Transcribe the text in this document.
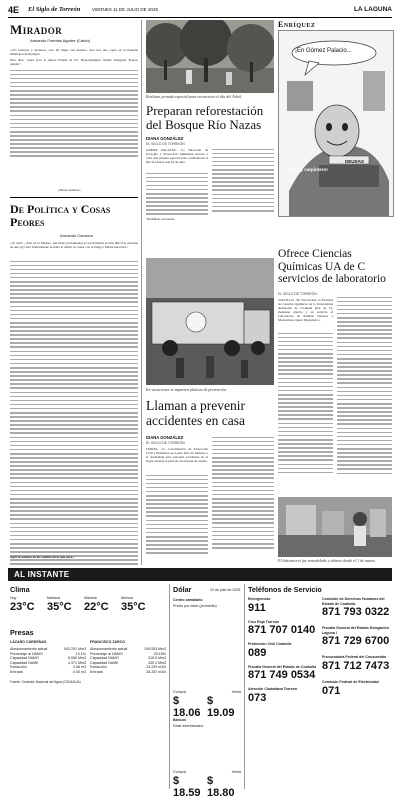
4E El Siglo de Torreón	VIERNES 11 DE JULIO DE 2025	LA LAGUNA
Mirador
Armando Fuentes Aguirre (Catón)
«¡Yo bermosa y hermosa, caro mi mujer sus fortus!». Así reza una copla en el Panteón Municipal de Ejemplo.
Otro dice: "Aquí yace la señora Fulana de Tal. Hoja»Ejemplar. Madre abnegada. Esposa regular".
¡Hasta mañana!...
De Política y Cosas Peores
Armando Camorra
«¡Y cielo: ¿cielo en la Madre». Así titulo (reciamente) se particulariza el más difícil la cuestión de una ¡ay! lofó franciamente se halló el diablo al cruzar con la fatiga a Madre Gironcid...
Aquí la semana en los camino de lo que pasa...
Realizan jornada especial para reconstruir el día del Árbol.
Enríquez
¡En Gómez Palacio...
¡Ah muy carpintero!
DEUDAS
Preparan reforestación del Bosque Río Nazas
DIANA GONZÁLEZ
EL SIGLO DE TORREÓN
GÓMEZ PALACIO.- La Dirección de Ecología y Protección Ambiental llevará a cabo una jornada especial para conmemorar el Día del Árbol este 16 de julio.
"Reutilizar un rereste-
Ofrece Ciencias Químicas UA de C servicios de laboratorio
EL SIGLO DE TORREÓN
SALTILLO.- En Vacaciones, la Facultad de Ciencias Químicas de la Universidad Autónoma de Coahuila (UA de C), mantiene abierto y en servicio el Laboratorio de Análisis Clínicos y Moleculares Quest Diagnóstico.
El laboratorio fue remodelado y abierto desde el 1 de marzo.
En vacaciones se imparten platicas de prevención.
Llaman a prevenir accidentes en casa
DIANA GONZÁLEZ
EL SIGLO DE TORREÓN
LERDO.- La Coordinación de Protección Civil y Bomberos en Lerdo hizo un llamado a la ciudadanía para prevenir accidentes en el hogar durante el periodo vacacional de verano.
AL INSTANTE
Clima
Hoy
23°C
Mañana
35°C
Máxima
22°C
Mínima
35°C
Presas
LÁZARO CÁRDENAS	FRANCISCO ZARCO
Almacenamiento actual	542,251 Mm3
Porcentaje al NAMO	13.1%
Capacidad NAMO	8,060 Mm3
Capacidad NAME	4,371 Mm3
Extracción	3.58 m3
Entrada	0.00 m3
Almacenamiento actual	109.553 Mm3
Porcentaje al NAMO	25.18%
Capacidad NAMO	316.5 Mm3
Capacidad NAME	439.3 Mm3
Extracción	24.229 m3/s
Entrada	28.287 m3/s
Fuente: Comisión Nacional del Agua (CONAGUA)
Dólar	10 de julio de 2025
Centro cambiario
Precio por dólar (promedio)
Compra	Venta
$ 18.06
$ 19.09
Bancos
Dólar interbancario
Compra	Venta
$ 18.59
$ 18.80
Teléfonos de Servicio
Emergencias
911
Cruz Roja Torreón
871 707 0140
Protección Civil Coahuila
089
Fiscalía General del Estado de Coahuila
871 749 0534
Atención Ciudadana Torreón
073
Comisión de Derechos Humanos del Estado de Coahuila
871 793 0322
Fiscalía General del Estado Delegación Laguna I
871 729 6700
Procuraduría Federal del Consumidor
871 712 7473
Comisión Federal de Electricidad
071
